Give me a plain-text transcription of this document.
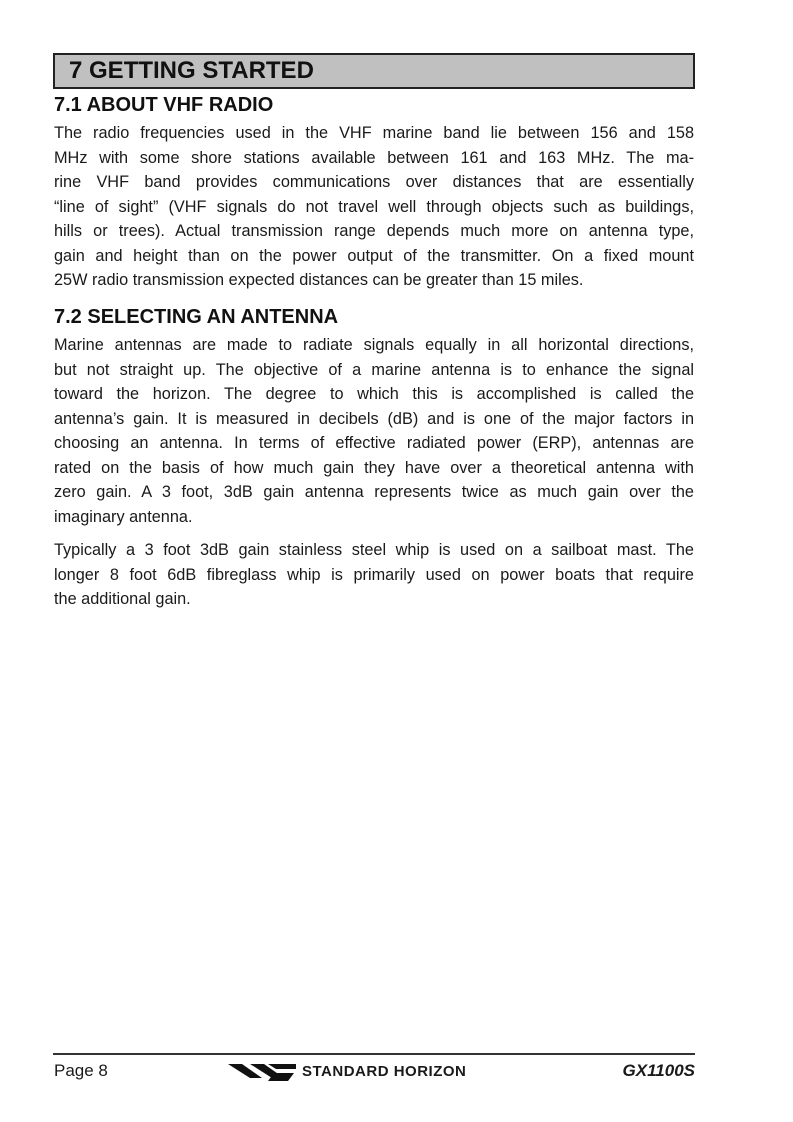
7 GETTING STARTED
7.1 ABOUT VHF RADIO
The radio frequencies used in the VHF marine band lie between 156 and 158
MHz with some shore stations available between 161 and 163 MHz. The ma-
rine VHF band provides communications over distances that are essentially
“line of sight” (VHF signals do not travel well through objects such as buildings,
hills or trees). Actual transmission range depends much more on antenna type,
gain and height than on the power output of the transmitter. On a fixed mount
25W radio transmission expected distances can be greater than 15 miles.
7.2 SELECTING AN ANTENNA
Marine antennas are made to radiate signals equally in all horizontal directions,
but not straight up. The objective of a marine antenna is to enhance the signal
toward the horizon. The degree to which this is accomplished is called the
antenna’s gain. It is measured in decibels (dB) and is one of the major factors in
choosing an antenna. In terms of effective radiated power (ERP), antennas are
rated on the basis of how much gain they have over a theoretical antenna with
zero gain. A 3 foot, 3dB gain antenna represents twice as much gain over the
imaginary antenna.
Typically a 3 foot 3dB gain stainless steel whip is used on a sailboat mast. The
longer 8 foot 6dB fibreglass whip is primarily used on power boats that require
the additional gain.
Page 8	STANDARD HORIZON	GX1100S
